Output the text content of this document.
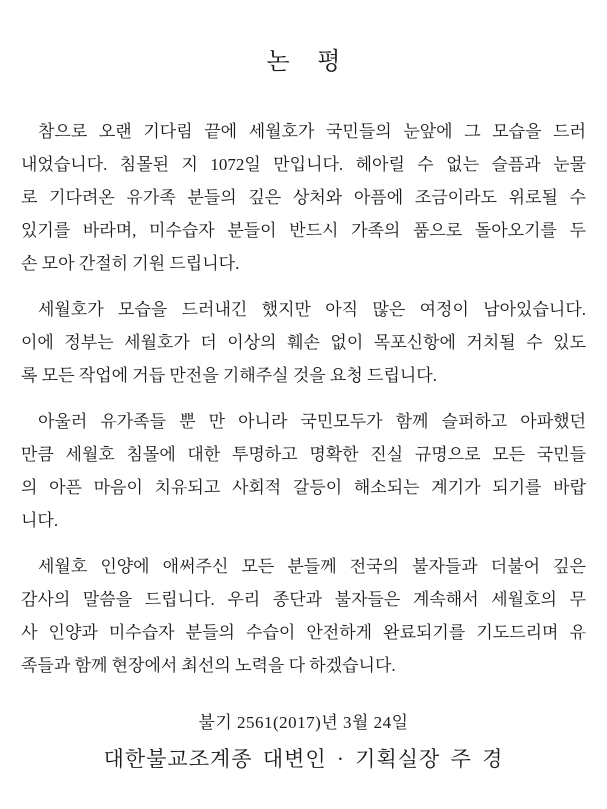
논 평
참으로 오랜 기다림 끝에 세월호가 국민들의 눈앞에 그 모습을 드러
내었습니다. 침몰된 지 1072일 만입니다. 헤아릴 수 없는 슬픔과 눈물
로 기다려온 유가족 분들의 깊은 상처와 아픔에 조금이라도 위로될 수
있기를 바라며, 미수습자 분들이 반드시 가족의 품으로 돌아오기를 두
손 모아 간절히 기원 드립니다.
세월호가 모습을 드러내긴 했지만 아직 많은 여정이 남아있습니다.
이에 정부는 세월호가 더 이상의 훼손 없이 목포신항에 거치될 수 있도
록 모든 작업에 거듭 만전을 기해주실 것을 요청 드립니다.
아울러 유가족들 뿐 만 아니라 국민모두가 함께 슬퍼하고 아파했던
만큼 세월호 침몰에 대한 투명하고 명확한 진실 규명으로 모든 국민들
의 아픈 마음이 치유되고 사회적 갈등이 해소되는 계기가 되기를 바랍
니다.
세월호 인양에 애써주신 모든 분들께 전국의 불자들과 더불어 깊은
감사의 말씀을 드립니다. 우리 종단과 불자들은 계속해서 세월호의 무
사 인양과 미수습자 분들의 수습이 안전하게 완료되기를 기도드리며 유
족들과 함께 현장에서 최선의 노력을 다 하겠습니다.
불기 2561(2017)년 3월 24일
대한불교조계종 대변인 · 기획실장 주 경
